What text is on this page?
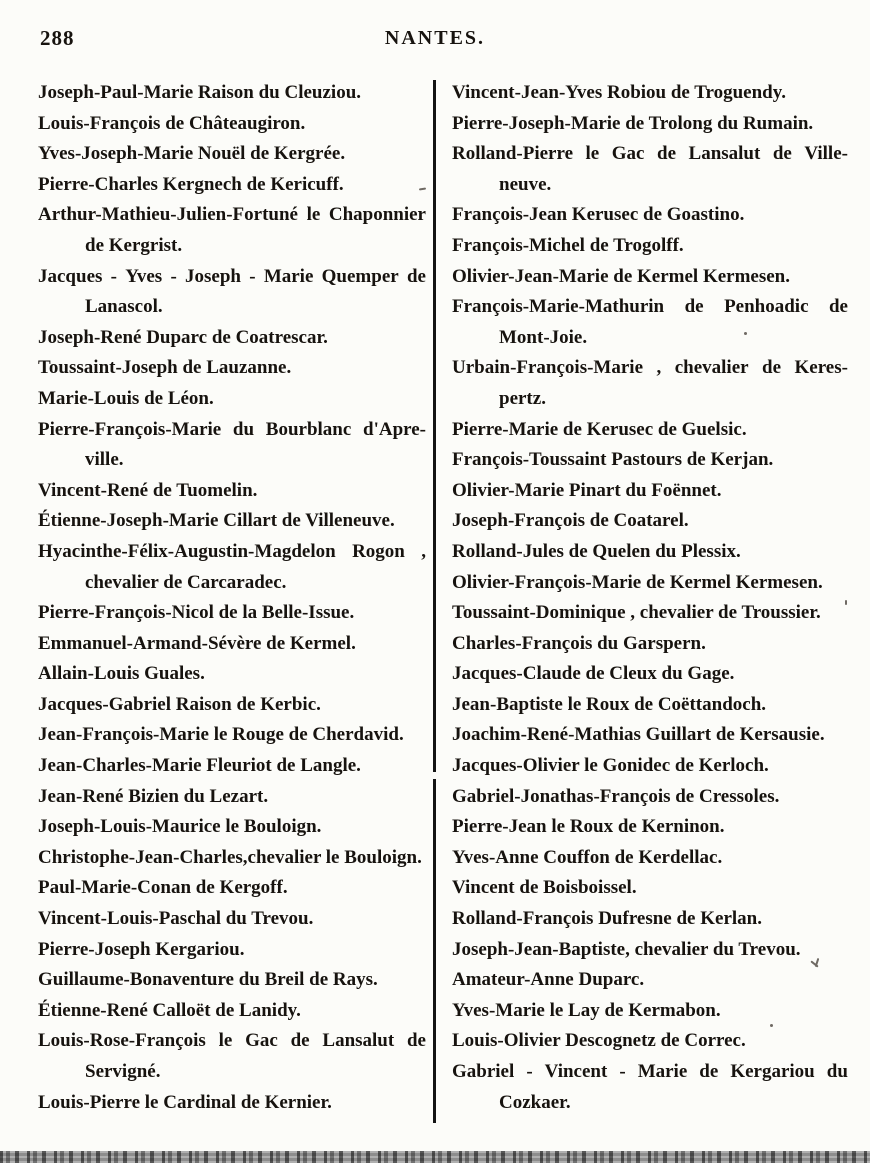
288	NANTES.
Joseph-Paul-Marie Raison du Cleuziou.
Louis-François de Châteaugiron.
Yves-Joseph-Marie Nouël de Kergrée.
Pierre-Charles Kergnech de Kericuff.
Arthur-Mathieu-Julien-Fortuné le Chaponnier
de Kergrist.
Jacques - Yves - Joseph - Marie Quemper de
Lanascol.
Joseph-René Duparc de Coatrescar.
Toussaint-Joseph de Lauzanne.
Marie-Louis de Léon.
Pierre-François-Marie du Bourblanc d'Apre-
ville.
Vincent-René de Tuomelin.
Étienne-Joseph-Marie Cillart de Villeneuve.
Hyacinthe-Félix-Augustin-Magdelon Rogon ,
chevalier de Carcaradec.
Pierre-François-Nicol de la Belle-Issue.
Emmanuel-Armand-Sévère de Kermel.
Allain-Louis Guales.
Jacques-Gabriel Raison de Kerbic.
Jean-François-Marie le Rouge de Cherdavid.
Jean-Charles-Marie Fleuriot de Langle.
Jean-René Bizien du Lezart.
Joseph-Louis-Maurice le Bouloign.
Christophe-Jean-Charles,chevalier le Bouloign.
Paul-Marie-Conan de Kergoff.
Vincent-Louis-Paschal du Trevou.
Pierre-Joseph Kergariou.
Guillaume-Bonaventure du Breil de Rays.
Étienne-René Calloët de Lanidy.
Louis-Rose-François le Gac de Lansalut de
Servigné.
Louis-Pierre le Cardinal de Kernier.
Vincent-Jean-Yves Robiou de Troguendy.
Pierre-Joseph-Marie de Trolong du Rumain.
Rolland-Pierre le Gac de Lansalut de Ville-
neuve.
François-Jean Kerusec de Goastino.
François-Michel de Trogolff.
Olivier-Jean-Marie de Kermel Kermesen.
François-Marie-Mathurin de Penhoadic de
Mont-Joie.
Urbain-François-Marie , chevalier de Keres-
pertz.
Pierre-Marie de Kerusec de Guelsic.
François-Toussaint Pastours de Kerjan.
Olivier-Marie Pinart du Foënnet.
Joseph-François de Coatarel.
Rolland-Jules de Quelen du Plessix.
Olivier-François-Marie de Kermel Kermesen.
Toussaint-Dominique , chevalier de Troussier.
Charles-François du Garspern.
Jacques-Claude de Cleux du Gage.
Jean-Baptiste le Roux de Coëttandoch.
Joachim-René-Mathias Guillart de Kersausie.
Jacques-Olivier le Gonidec de Kerloch.
Gabriel-Jonathas-François de Cressoles.
Pierre-Jean le Roux de Kerninon.
Yves-Anne Couffon de Kerdellac.
Vincent de Boisboissel.
Rolland-François Dufresne de Kerlan.
Joseph-Jean-Baptiste, chevalier du Trevou.
Amateur-Anne Duparc.
Yves-Marie le Lay de Kermabon.
Louis-Olivier Descognetz de Correc.
Gabriel - Vincent - Marie de Kergariou du
Cozkaer.
